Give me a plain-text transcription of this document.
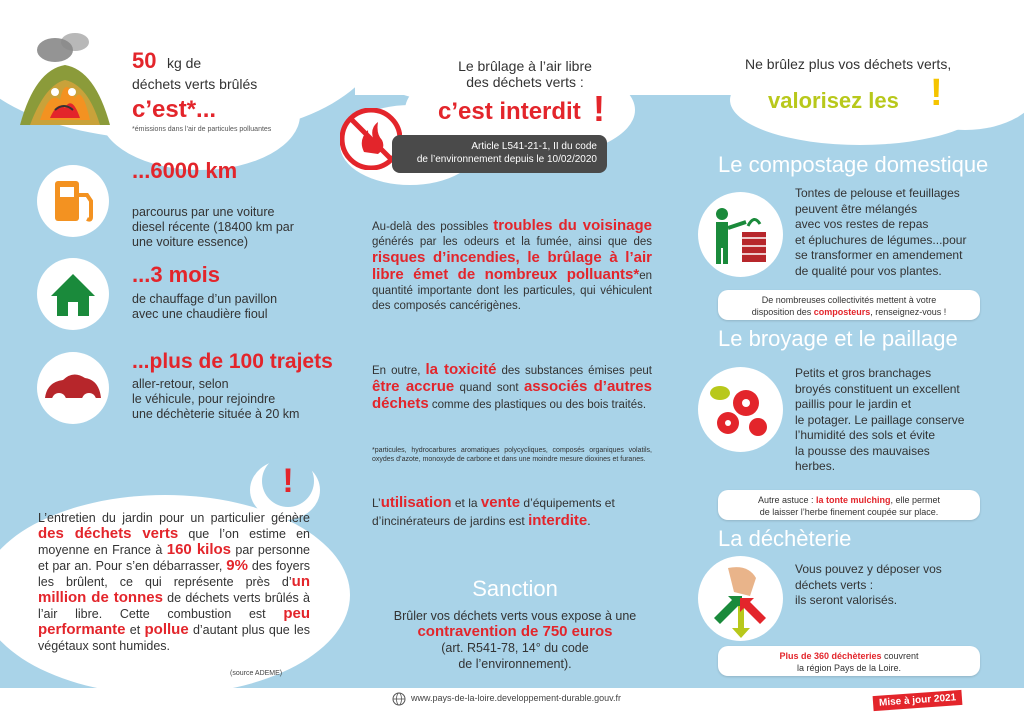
50 kg de
déchets verts brûlés
c’est*...
*émissions dans l’air de particules polluantes
...6000 km
parcourus par une voiture
diesel récente (18400 km par
une voiture essence)
...3 mois
de chauffage d’un pavillon
avec une chaudière fioul
...plus de 100 trajets
aller-retour, selon
le véhicule, pour rejoindre
une déchèterie située à 20 km
!
L’entretien du jardin pour un particulier génère des déchets verts que l’on estime en moyenne en France à 160 kilos par personne et par an. Pour s’en débarrasser, 9% des foyers les brûlent, ce qui représente près d’un million de tonnes de déchets verts brûlés à l’air libre. Cette combustion est peu performante et pollue d’autant plus que les végétaux sont humides.
(source ADEME)
Le brûlage à l’air libre
des déchets verts :
c’est interdit !
Article L541-21-1, II du code
de l’environnement depuis le 10/02/2020
Au-delà des possibles troubles du voisinage générés par les odeurs et la fumée, ainsi que des risques d’incendies, le brûlage à l’air libre émet de nombreux polluants*en quantité importante dont les particules, qui véhiculent des composés cancérigènes.
En outre, la toxicité des substances émises peut être accrue quand sont associés d’autres déchets comme des plastiques ou des bois traités.
*particules, hydrocarbures aromatiques polycycliques, composés organiques volatils, oxydes d’azote, monoxyde de carbone et dans une moindre mesure dioxines et furanes.
L’utilisation et la vente d’équipements et d’incinérateurs de jardins est interdite.
Sanction
Brûler vos déchets verts vous expose à une
contravention de 750 euros
(art. R541-78, 14° du code
de l’environnement).
Ne brûlez plus vos déchets verts,
valorisez les !
Le compostage domestique
Tontes de pelouse et feuillages
peuvent être mélangés
avec vos restes de repas
et épluchures de légumes...pour
se transformer en amendement
de qualité pour vos plantes.
De nombreuses collectivités mettent à votre
disposition des composteurs, renseignez-vous !
Le broyage et le paillage
Petits et gros branchages
broyés constituent un excellent
paillis pour le jardin et
le potager. Le paillage conserve
l’humidité des sols et évite
la pousse des mauvaises
herbes.
Autre astuce : la tonte mulching, elle permet
de laisser l’herbe finement coupée sur place.
La déchèterie
Vous pouvez y déposer vos
déchets verts :
ils seront valorisés.
Plus de 360 déchèteries couvrent
la région Pays de la Loire.
www.pays-de-la-loire.developpement-durable.gouv.fr	Mise à jour 2021
